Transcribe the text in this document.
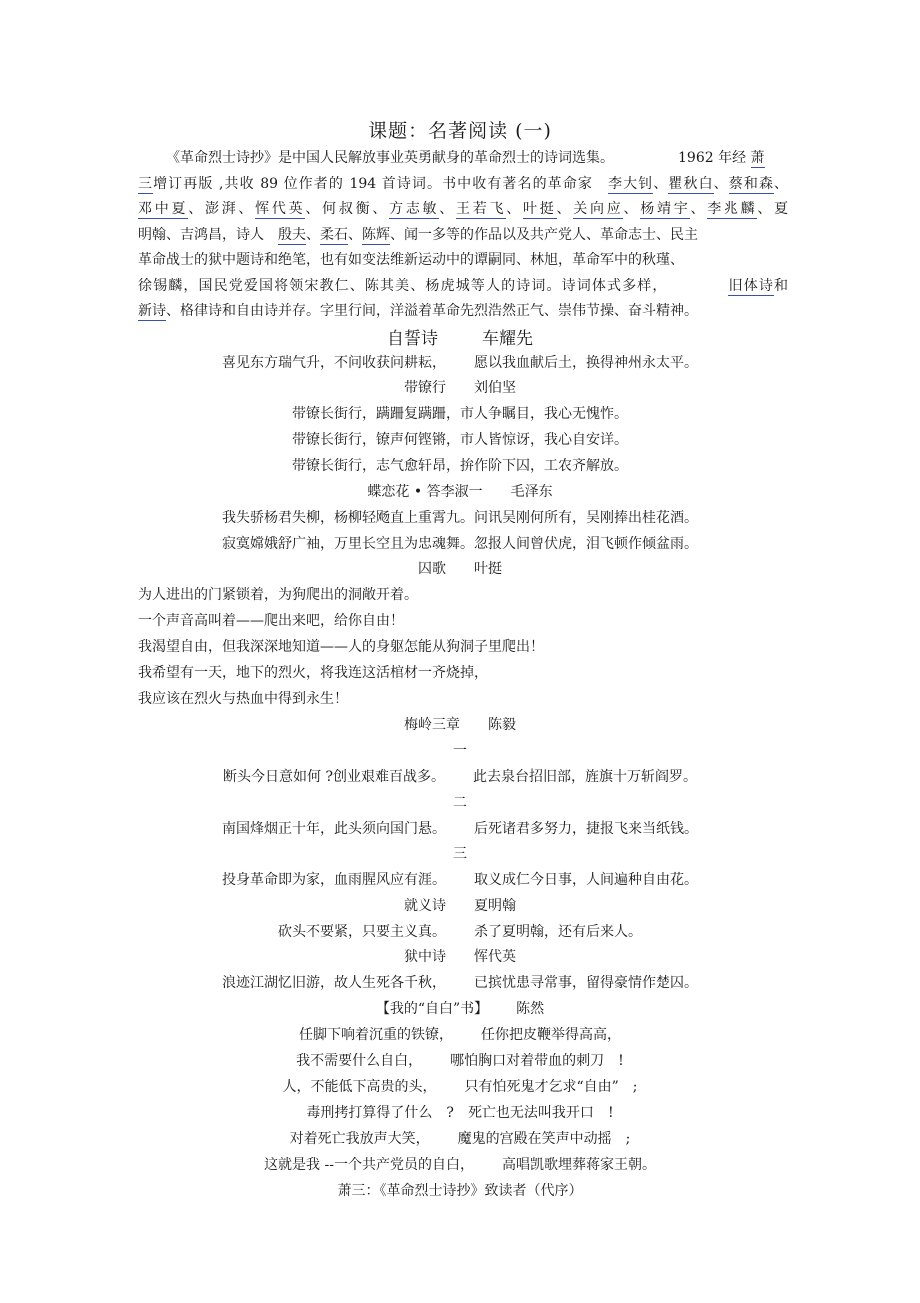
课题：名著阅读 (一)
《革命烈士诗抄》是中国人民解放事业英勇献身的革命烈士的诗词选集。	1962 年经 萧
三增订再版 ,共收 89 位作者的 194 首诗词。书中收有著名的革命家　 李大钊、瞿秋白、蔡和森、
邓中夏、澎湃、恽代英、何叔衡、方志敏、王若飞、叶挺、关向应、杨靖宇、李兆麟、夏
明翰、吉鸿昌，诗人　 殷夫、柔石、陈辉、闻一多等的作品以及共产党人、革命志士、民主
革命战士的狱中题诗和绝笔，也有如变法维新运动中的谭嗣同、林旭，革命军中的秋瑾、
徐锡麟，国民党爱国将领宋教仁、陈其美、杨虎城等人的诗词。诗词体式多样，	旧体诗和
新诗、格律诗和自由诗并存。字里行间，洋溢着革命先烈浩然正气、崇伟节操、奋斗精神。
自誓诗	车耀先
喜见东方瑞气升，不问收获问耕耘， 愿以我血献后土，换得神州永太平。
带镣行 刘伯坚
带镣长街行，蹒跚复蹒跚，市人争瞩目，我心无愧怍。
带镣长街行，镣声何铿锵，市人皆惊讶，我心自安详。
带镣长街行，志气愈轩昂，拚作阶下囚，工农齐解放。
蝶恋花 • 答李淑一 毛泽东
我失骄杨君失柳，杨柳轻飏直上重霄九。问讯吴刚何所有，吴刚捧出桂花酒。
寂寞嫦娥舒广袖，万里长空且为忠魂舞。忽报人间曾伏虎，泪飞顿作倾盆雨。
囚歌 叶挺
为人进出的门紧锁着，为狗爬出的洞敞开着。
一个声音高叫着——爬出来吧，给你自由！
我渴望自由，但我深深地知道——人的身躯怎能从狗洞子里爬出！
我希望有一天，地下的烈火，将我连这活棺材一齐烧掉，
我应该在烈火与热血中得到永生！
梅岭三章 陈毅
一
断头今日意如何 ?创业艰难百战多。 此去泉台招旧部，旌旗十万斩阎罗。
二
南国烽烟正十年，此头须向国门悬。 后死诸君多努力，捷报飞来当纸钱。
三
投身革命即为家，血雨腥风应有涯。 取义成仁今日事，人间遍种自由花。
就义诗 夏明翰
砍头不要紧，只要主义真。 杀了夏明翰，还有后来人。
狱中诗 恽代英
浪迹江湖忆旧游，故人生死各千秋， 已摈忧患寻常事，留得豪情作楚囚。
【我的“自白”书】 陈然
任脚下响着沉重的铁镣， 任你把皮鞭举得高高，
我不需要什么自白， 哪怕胸口对着带血的刺刀　 !
人，不能低下高贵的头， 只有怕死鬼才乞求“自由”　 ;
毒刑拷打算得了什么　 ?　 死亡也无法叫我开口　 !
对着死亡我放声大笑， 魔鬼的宫殿在笑声中动摇　 ;
这就是我 --一个共产党员的自白， 高唱凯歌埋葬蒋家王朝。
萧三：《革命烈士诗抄》致读者（代序）
